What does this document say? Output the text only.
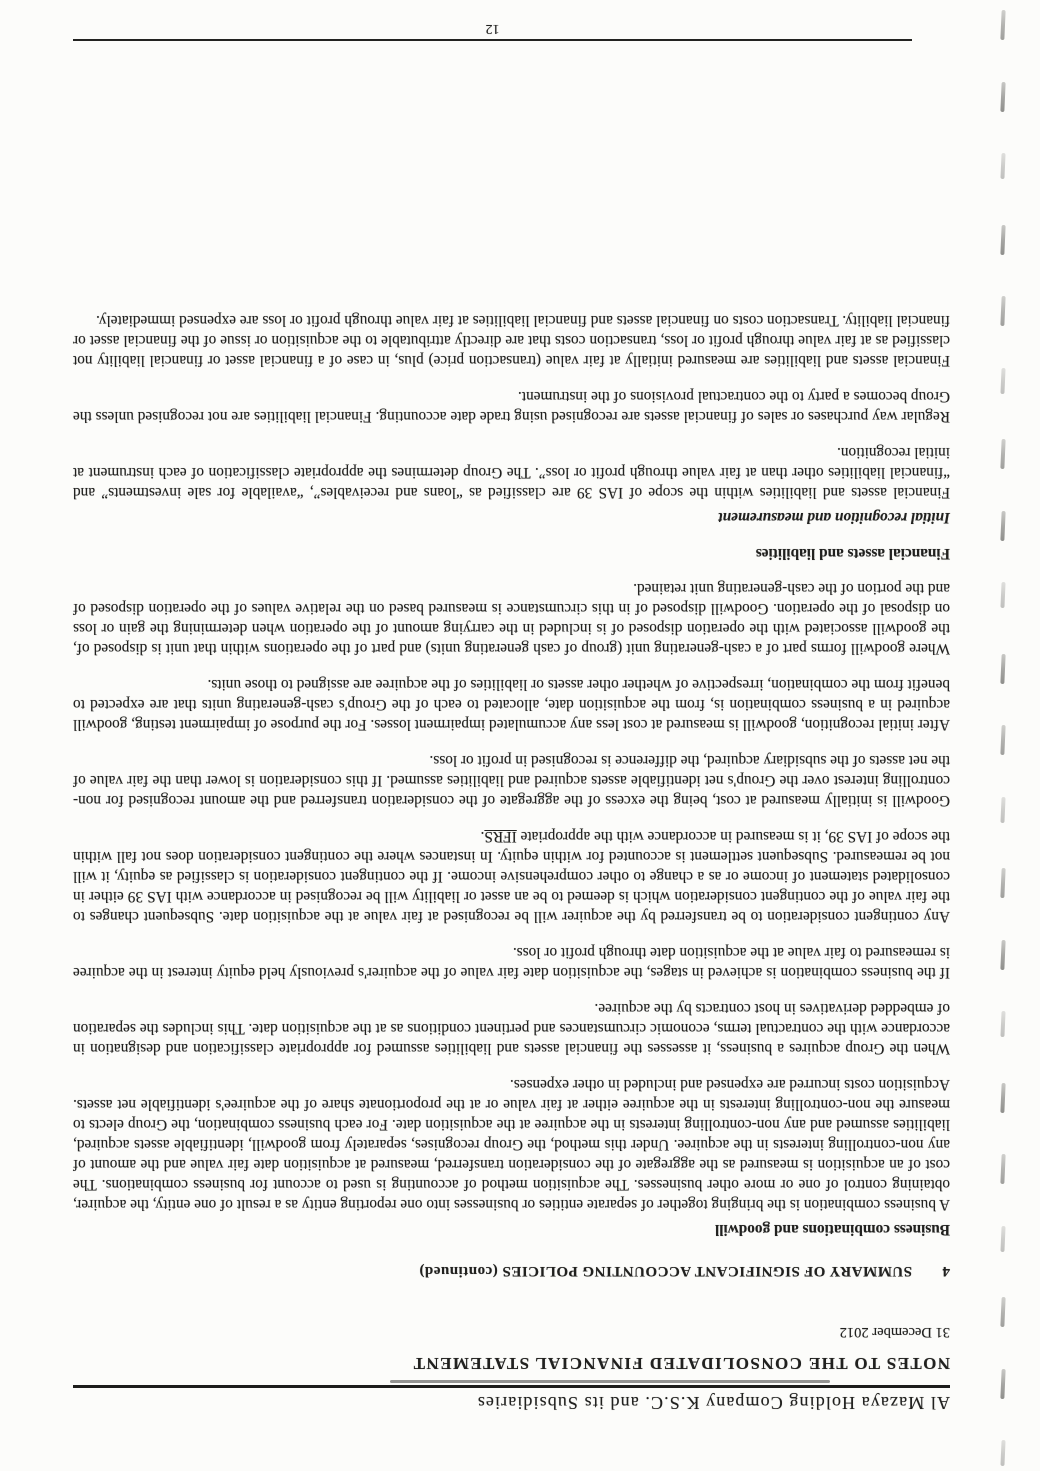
Al Mazaya Holding Company K.S.C. and its Subsidiaries
NOTES TO THE CONSOLIDATED FINANCIAL STATEMENT
31 December 2012
4
SUMMARY OF SIGNIFICANT ACCOUNTING POLICIES (continued)
Business combinations and goodwill

A business combination is the bringing together of separate entities or businesses into one reporting entity as a result of one entity, the acquirer, obtaining control of one or more other businesses. The acquisition method of accounting is used to account for business combinations. The cost of an acquisition is measured as the aggregate of the consideration transferred, measured at acquisition date fair value and the amount of any non-controlling interests in the acquiree. Under this method, the Group recognises, separately from goodwill, identifiable assets acquired, liabilities assumed and any non-controlling interests in the acquiree at the acquisition date. For each business combination, the Group elects to measure the non-controlling interests in the acquiree either at fair value or at the proportionate share of the acquiree's identifiable net assets. Acquisition costs incurred are expensed and included in other expenses.

When the Group acquires a business, it assesses the financial assets and liabilities assumed for appropriate classification and designation in accordance with the contractual terms, economic circumstances and pertinent conditions as at the acquisition date. This includes the separation of embedded derivatives in host contracts by the acquiree.

If the business combination is achieved in stages, the acquisition date fair value of the acquirer's previously held equity interest in the acquiree is remeasured to fair value at the acquisition date through profit or loss.

Any contingent consideration to be transferred by the acquirer will be recognised at fair value at the acquisition date. Subsequent changes to the fair value of the contingent consideration which is deemed to be an asset or liability will be recognised in accordance with IAS 39 either in consolidated statement of income or as a change to other comprehensive income. If the contingent consideration is classified as equity, it will not be remeasured. Subsequent settlement is accounted for within equity. In instances where the contingent consideration does not fall within the scope of IAS 39, it is measured in accordance with the appropriate IFRS.

Goodwill is initially measured at cost, being the excess of the aggregate of the consideration transferred and the amount recognised for non-controlling interest over the Group's net identifiable assets acquired and liabilities assumed. If this consideration is lower than the fair value of the net assets of the subsidiary acquired, the difference is recognised in profit or loss.

After initial recognition, goodwill is measured at cost less any accumulated impairment losses. For the purpose of impairment testing, goodwill acquired in a business combination is, from the acquisition date, allocated to each of the Group's cash-generating units that are expected to benefit from the combination, irrespective of whether other assets or liabilities of the acquiree are assigned to those units.

Where goodwill forms part of a cash-generating unit (group of cash generating units) and part of the operations within that unit is disposed of, the goodwill associated with the operation disposed of is included in the carrying amount of the operation when determining the gain or loss on disposal of the operation. Goodwill disposed of in this circumstance is measured based on the relative values of the operation disposed of and the portion of the cash-generating unit retained.

Financial assets and liabilities
Initial recognition and measurement

Financial assets and liabilities within the scope of IAS 39 are classified as “loans and receivables”, “available for sale investments” and “financial liabilities other than at fair value through profit or loss”. The Group determines the appropriate classification of each instrument at initial recognition.

Regular way purchases or sales of financial assets are recognised using trade date accounting. Financial liabilities are not recognised unless the Group becomes a party to the contractual provisions of the instrument.

Financial assets and liabilities are measured initially at fair value (transaction price) plus, in case of a financial asset or financial liability not classified as at fair value through profit or loss, transaction costs that are directly attributable to the acquisition or issue of the financial asset or financial liability. Transaction costs on financial assets and financial liabilities at fair value through profit or loss are expensed immediately.

12
